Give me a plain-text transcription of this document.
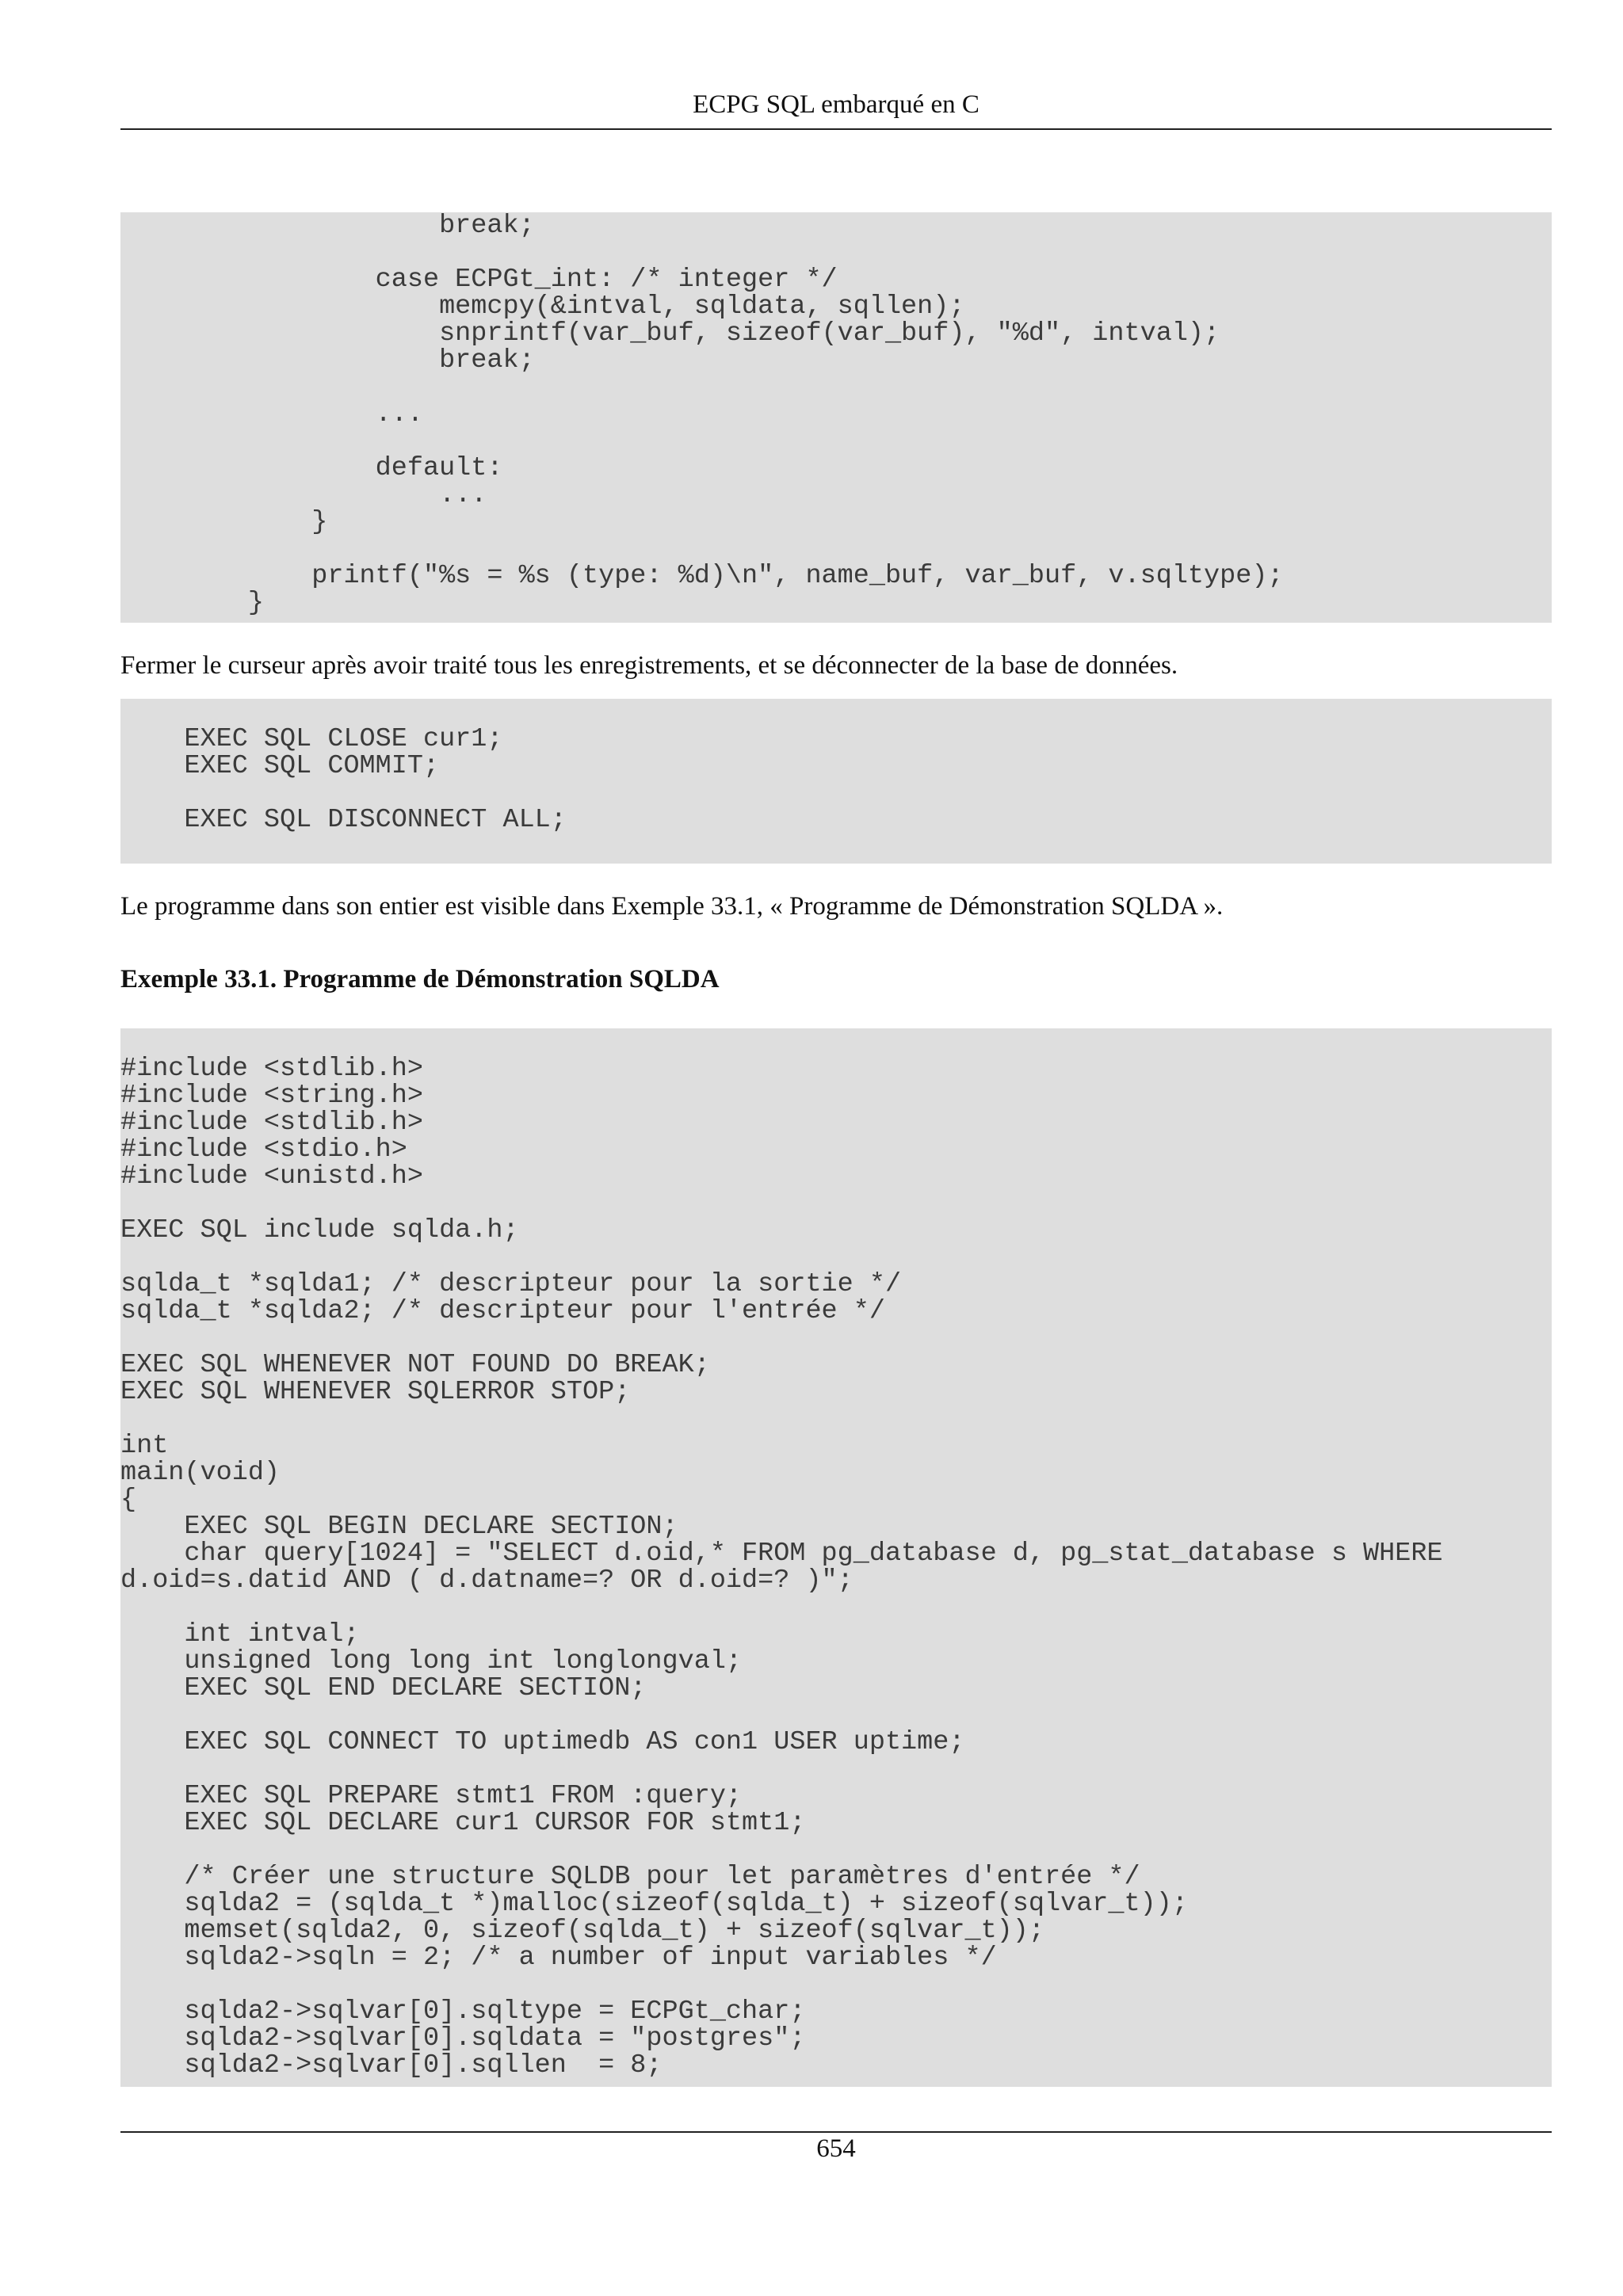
ECPG SQL embarqué en C
break;

case ECPGt_int: /* integer */
memcpy(&intval, sqldata, sqllen);
snprintf(var_buf, sizeof(var_buf), "%d", intval);
break;

...

default:
...
}

printf("%s = %s (type: %d)\n", name_buf, var_buf, v.sqltype);
}
Fermer le curseur après avoir traité tous les enregistrements, et se déconnecter de la base de données.

EXEC SQL CLOSE cur1;
EXEC SQL COMMIT;

EXEC SQL DISCONNECT ALL;
Le programme dans son entier est visible dans Exemple 33.1, « Programme de Démonstration SQLDA ».
Exemple 33.1. Programme de Démonstration SQLDA

#include <stdlib.h>
#include <string.h>
#include <stdlib.h>
#include <stdio.h>
#include <unistd.h>

EXEC SQL include sqlda.h;

sqlda_t *sqlda1; /* descripteur pour la sortie */
sqlda_t *sqlda2; /* descripteur pour l'entrée */

EXEC SQL WHENEVER NOT FOUND DO BREAK;
EXEC SQL WHENEVER SQLERROR STOP;

int
main(void)
{
EXEC SQL BEGIN DECLARE SECTION;
char query[1024] = "SELECT d.oid,* FROM pg_database d, pg_stat_database s WHERE
d.oid=s.datid AND ( d.datname=? OR d.oid=? )";

int intval;
unsigned long long int longlongval;
EXEC SQL END DECLARE SECTION;

EXEC SQL CONNECT TO uptimedb AS con1 USER uptime;

EXEC SQL PREPARE stmt1 FROM :query;
EXEC SQL DECLARE cur1 CURSOR FOR stmt1;

/* Créer une structure SQLDB pour let paramètres d'entrée */
sqlda2 = (sqlda_t *)malloc(sizeof(sqlda_t) + sizeof(sqlvar_t));
memset(sqlda2, 0, sizeof(sqlda_t) + sizeof(sqlvar_t));
sqlda2->sqln = 2; /* a number of input variables */

sqlda2->sqlvar[0].sqltype = ECPGt_char;
sqlda2->sqlvar[0].sqldata = "postgres";
sqlda2->sqlvar[0].sqllen  = 8;
654
